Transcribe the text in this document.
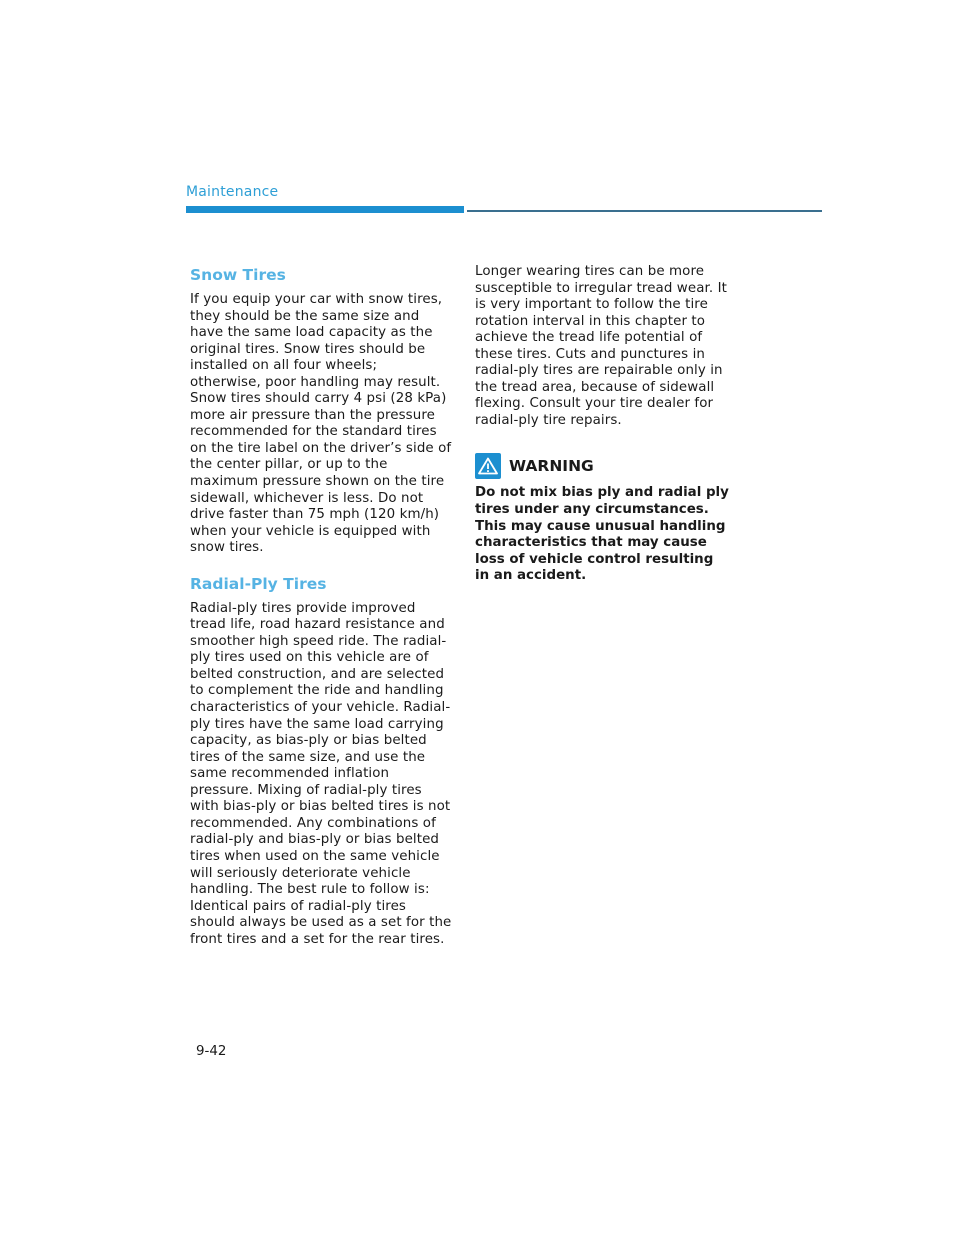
Maintenance
Snow Tires

If you equip your car with snow tires, they should be the same size and have the same load capacity as the original tires. Snow tires should be installed on all four wheels; otherwise, poor handling may result. Snow tires should carry 4 psi (28 kPa) more air pressure than the pressure recommended for the standard tires on the tire label on the driver’s side of the center pillar, or up to the maximum pressure shown on the tire sidewall, whichever is less. Do not drive faster than 75 mph (120 km/h) when your vehicle is equipped with snow tires.

Radial-Ply Tires

Radial-ply tires provide improved tread life, road hazard resistance and smoother high speed ride. The radial-ply tires used on this vehicle are of belted construction, and are selected to complement the ride and handling characteristics of your vehicle. Radial-ply tires have the same load carrying capacity, as bias-ply or bias belted tires of the same size, and use the same recommended inflation pressure. Mixing of radial-ply tires with bias-ply or bias belted tires is not recommended. Any combinations of radial-ply and bias-ply or bias belted tires when used on the same vehicle will seriously deteriorate vehicle handling. The best rule to follow is: Identical pairs of radial-ply tires should always be used as a set for the front tires and a set for the rear tires.

Longer wearing tires can be more susceptible to irregular tread wear. It is very important to follow the tire rotation interval in this chapter to achieve the tread life potential of these tires. Cuts and punctures in radial-ply tires are repairable only in the tread area, because of sidewall flexing. Consult your tire dealer for radial-ply tire repairs.

WARNING

Do not mix bias ply and radial ply tires under any circumstances. This may cause unusual handling characteristics that may cause loss of vehicle control resulting in an accident.

9-42
